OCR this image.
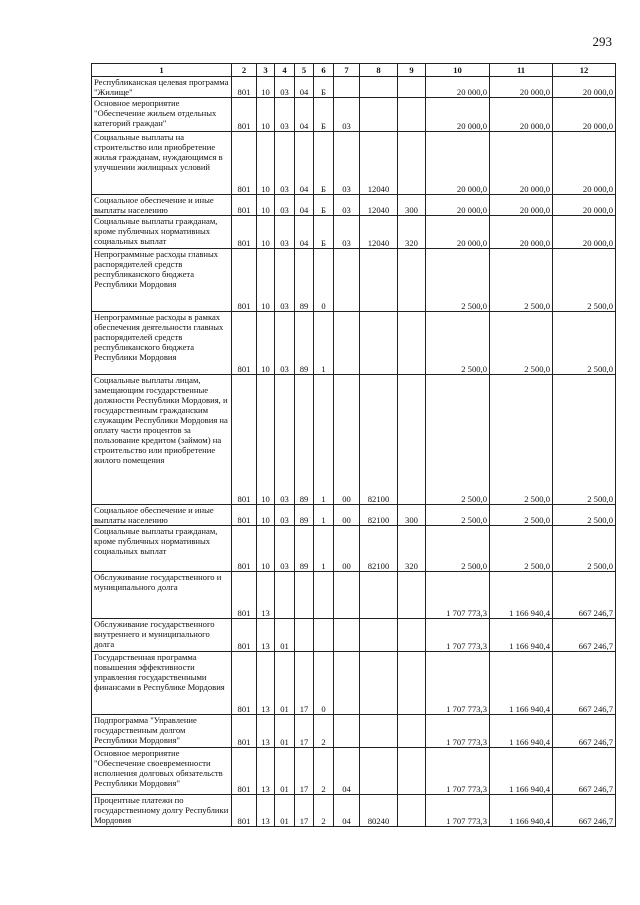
293
1	2	3	4	5	6	7	8	9	10	11	12
Республиканская целевая программа "Жилище"	801	10	03	04	Б				20 000,0	20 000,0	20 000,0
Основное мероприятие "Обеспечение жильем отдельных категорий граждан"	801	10	03	04	Б	03			20 000,0	20 000,0	20 000,0
Социальные выплаты на строительство или приобретение жилья гражданам, нуждающимся в улучшении жилищных условий	801	10	03	04	Б	03	12040		20 000,0	20 000,0	20 000,0
Социальное обеспечение и иные выплаты населению	801	10	03	04	Б	03	12040	300	20 000,0	20 000,0	20 000,0
Социальные выплаты гражданам, кроме публичных нормативных социальных выплат	801	10	03	04	Б	03	12040	320	20 000,0	20 000,0	20 000,0
Непрограммные расходы главных распорядителей средств республиканского бюджета Республики Мордовия	801	10	03	89	0				2 500,0	2 500,0	2 500,0
Непрограммные расходы в рамках обеспечения деятельности главных распорядителей средств республиканского бюджета Республики Мордовия	801	10	03	89	1				2 500,0	2 500,0	2 500,0
Социальные выплаты лицам, замещающим государственные должности Республики Мордовия, и государственным гражданским служащим Республики Мордовия на оплату части процентов за пользование кредитом (займом) на строительство или приобретение жилого помещения	801	10	03	89	1	00	82100		2 500,0	2 500,0	2 500,0
Социальное обеспечение и иные выплаты населению	801	10	03	89	1	00	82100	300	2 500,0	2 500,0	2 500,0
Социальные выплаты гражданам, кроме публичных нормативных социальных выплат	801	10	03	89	1	00	82100	320	2 500,0	2 500,0	2 500,0
Обслуживание государственного и муниципального долга	801	13							1 707 773,3	1 166 940,4	667 246,7
Обслуживание государственного внутреннего и муниципального долга	801	13	01						1 707 773,3	1 166 940,4	667 246,7
Государственная программа повышения эффективности управления государственными финансами в Республике Мордовия	801	13	01	17	0				1 707 773,3	1 166 940,4	667 246,7
Подпрограмма "Управление государственным долгом Республики Мордовия"	801	13	01	17	2				1 707 773,3	1 166 940,4	667 246,7
Основное мероприятие "Обеспечение своевременности исполнения долговых обязательств Республики Мордовия"	801	13	01	17	2	04			1 707 773,3	1 166 940,4	667 246,7
Процентные платежи по государственному долгу Республики Мордовия	801	13	01	17	2	04	80240		1 707 773,3	1 166 940,4	667 246,7
